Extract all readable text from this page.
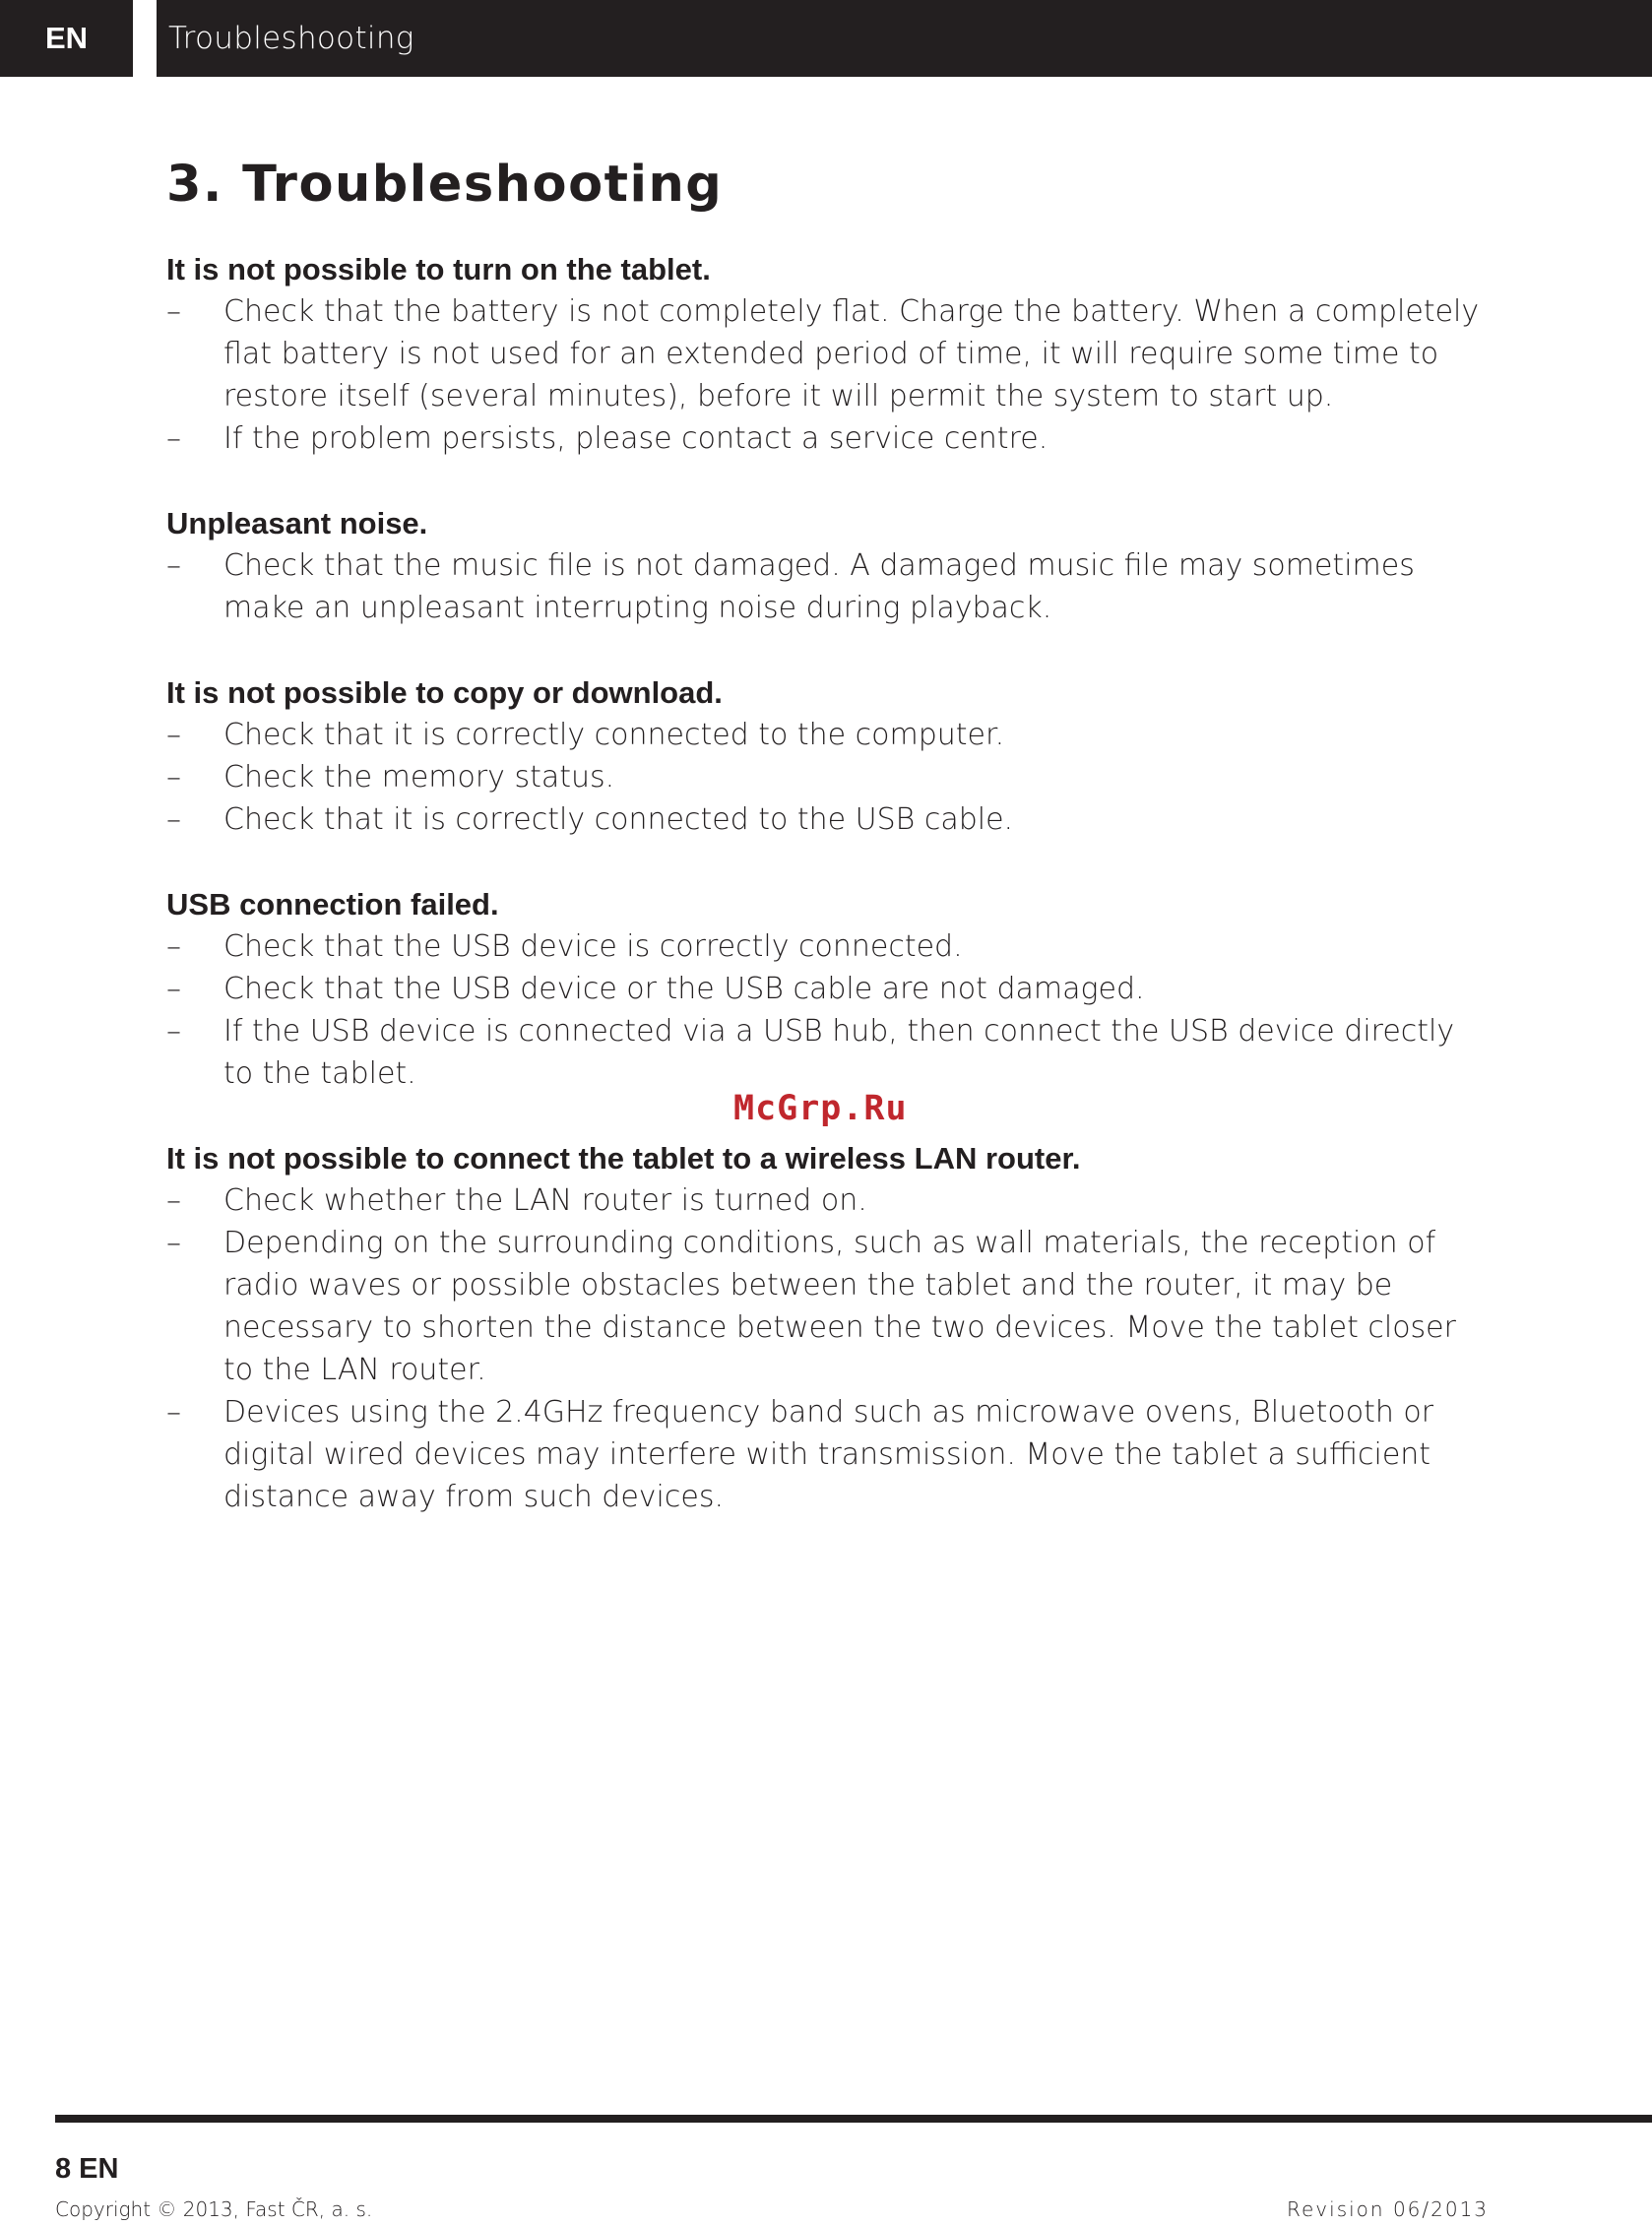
EN	Troubleshooting
3. Troubleshooting
It is not possible to turn on the tablet.
– Check that the battery is not completely flat. Charge the battery. When a completely flat battery is not used for an extended period of time, it will require some time to restore itself (several minutes), before it will permit the system to start up.
– If the problem persists, please contact a service centre.
Unpleasant noise.
– Check that the music file is not damaged. A damaged music file may sometimes make an unpleasant interrupting noise during playback.
It is not possible to copy or download.
– Check that it is correctly connected to the computer.
– Check the memory status.
– Check that it is correctly connected to the USB cable.
USB connection failed.
– Check that the USB device is correctly connected.
– Check that the USB device or the USB cable are not damaged.
– If the USB device is connected via a USB hub, then connect the USB device directly to the tablet.
It is not possible to connect the tablet to a wireless LAN router.
– Check whether the LAN router is turned on.
– Depending on the surrounding conditions, such as wall materials, the reception of radio waves or possible obstacles between the tablet and the router, it may be necessary to shorten the distance between the two devices. Move the tablet closer to the LAN router.
– Devices using the 2.4GHz frequency band such as microwave ovens, Bluetooth or digital wired devices may interfere with transmission. Move the tablet a sufficient distance away from such devices.
McGrp.Ru
8 EN
Copyright © 2013, Fast ČR, a. s.	Revision 06/2013
